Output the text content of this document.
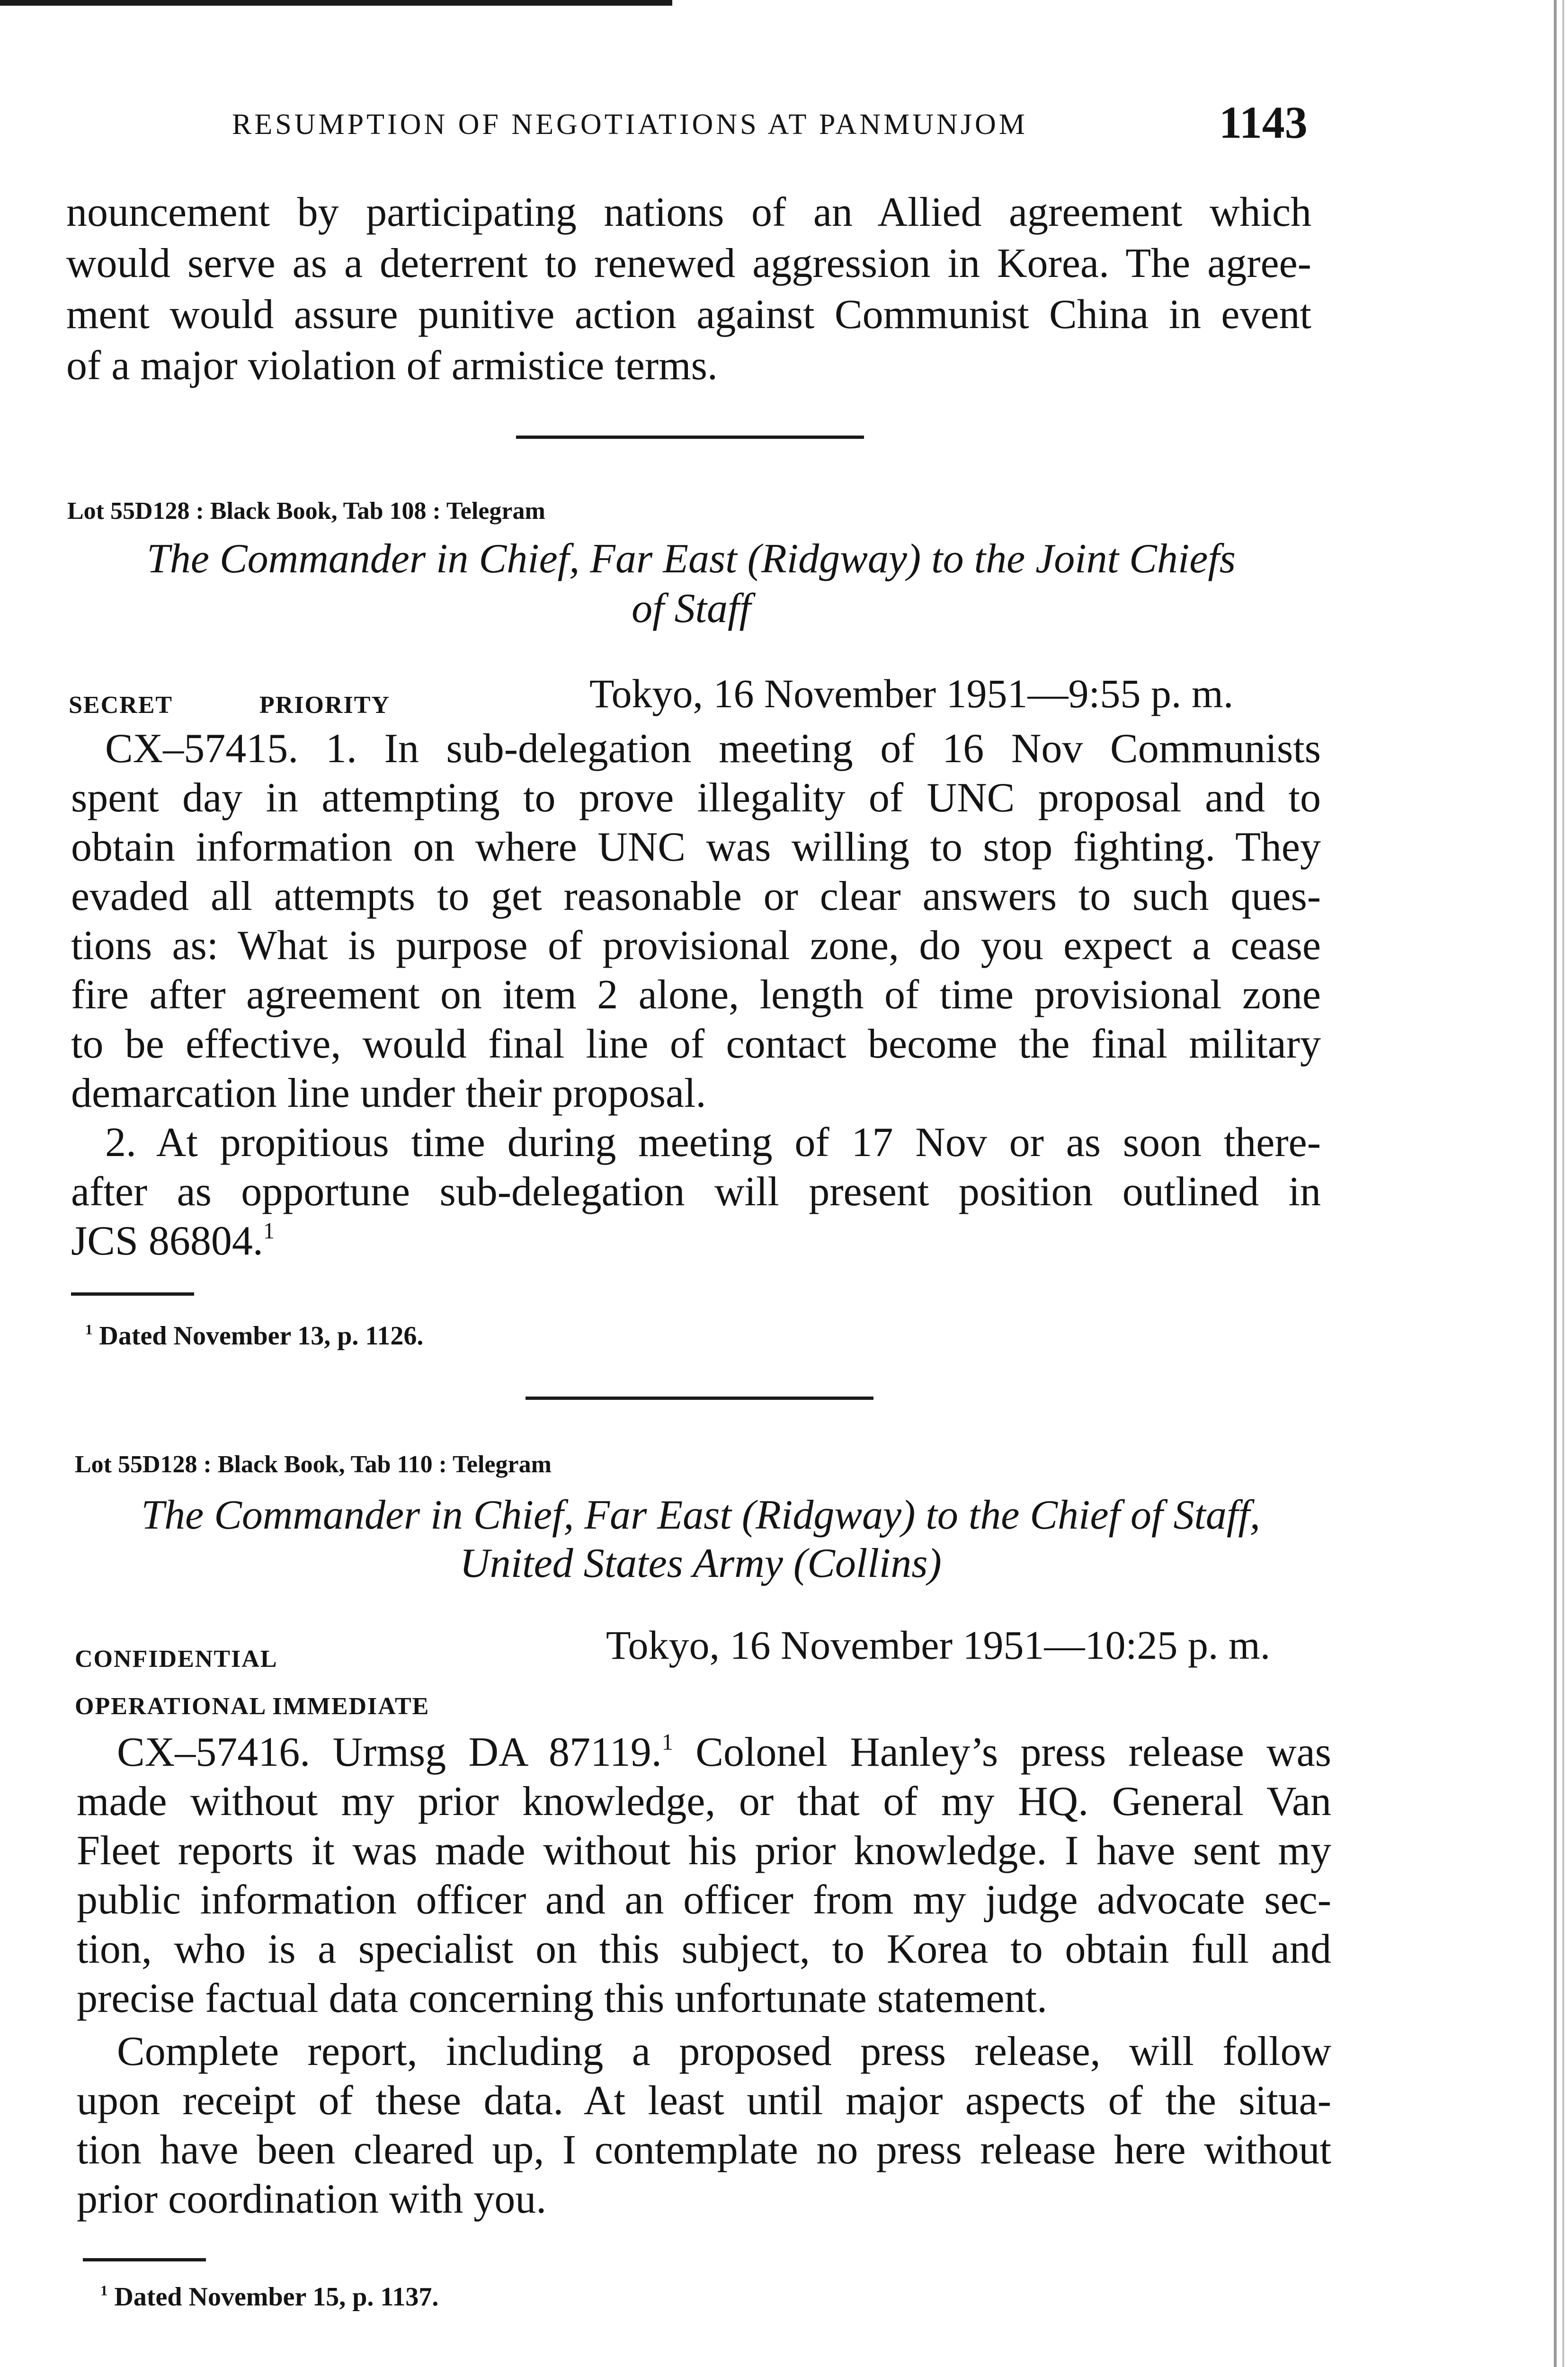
RESUMPTION OF NEGOTIATIONS AT PANMUNJOM	1143
nouncement by participating nations of an Allied agreement which
would serve as a deterrent to renewed aggression in Korea. The agree-
ment would assure punitive action against Communist China in event
of a major violation of armistice terms.
Lot 55D128 : Black Book, Tab 108 : Telegram
The Commander in Chief, Far East (Ridgway) to the Joint Chiefs
of Staff
SECRET	PRIORITY	Tokyo, 16 November 1951—9:55 p. m.
CX–57415. 1. In sub-delegation meeting of 16 Nov Communists
spent day in attempting to prove illegality of UNC proposal and to
obtain information on where UNC was willing to stop fighting. They
evaded all attempts to get reasonable or clear answers to such ques-
tions as: What is purpose of provisional zone, do you expect a cease
fire after agreement on item 2 alone, length of time provisional zone
to be effective, would final line of contact become the final military
demarcation line under their proposal.
2. At propitious time during meeting of 17 Nov or as soon there-
after as opportune sub-delegation will present position outlined in
JCS 86804.$^1$
$^1$ Dated November 13, p. 1126.
Lot 55D128 : Black Book, Tab 110 : Telegram
The Commander in Chief, Far East (Ridgway) to the Chief of Staff,
United States Army (Collins)
CONFIDENTIAL	Tokyo, 16 November 1951—10:25 p. m.
OPERATIONAL IMMEDIATE
CX–57416. Urmsg DA 87119.$^1$ Colonel Hanley’s press release was
made without my prior knowledge, or that of my HQ. General Van
Fleet reports it was made without his prior knowledge. I have sent my
public information officer and an officer from my judge advocate sec-
tion, who is a specialist on this subject, to Korea to obtain full and
precise factual data concerning this unfortunate statement.
Complete report, including a proposed press release, will follow
upon receipt of these data. At least until major aspects of the situa-
tion have been cleared up, I contemplate no press release here without
prior coordination with you.
$^1$ Dated November 15, p. 1137.
